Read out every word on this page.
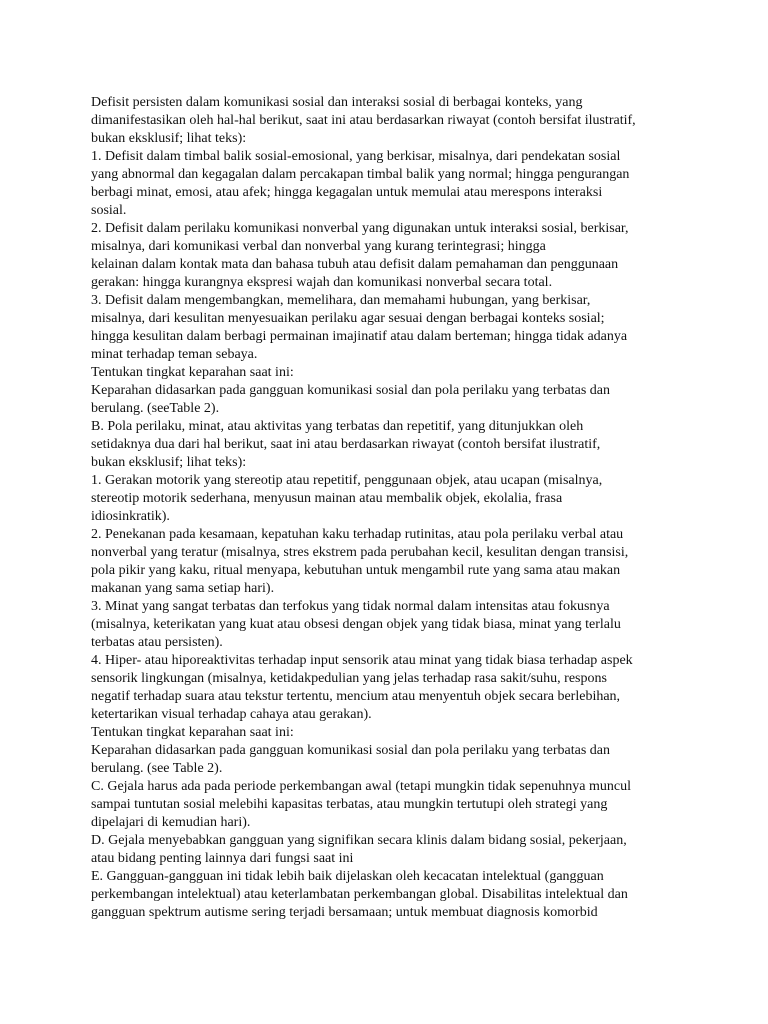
Defisit persisten dalam komunikasi sosial dan interaksi sosial di berbagai konteks, yang
dimanifestasikan oleh hal-hal berikut, saat ini atau berdasarkan riwayat (contoh bersifat ilustratif,
bukan eksklusif; lihat teks):
1. Defisit dalam timbal balik sosial-emosional, yang berkisar, misalnya, dari pendekatan sosial
yang abnormal dan kegagalan dalam percakapan timbal balik yang normal; hingga pengurangan
berbagi minat, emosi, atau afek; hingga kegagalan untuk memulai atau merespons interaksi
sosial.
2. Defisit dalam perilaku komunikasi nonverbal yang digunakan untuk interaksi sosial, berkisar,
misalnya, dari komunikasi verbal dan nonverbal yang kurang terintegrasi; hingga
kelainan dalam kontak mata dan bahasa tubuh atau defisit dalam pemahaman dan penggunaan
gerakan: hingga kurangnya ekspresi wajah dan komunikasi nonverbal secara total.
3. Defisit dalam mengembangkan, memelihara, dan memahami hubungan, yang berkisar,
misalnya, dari kesulitan menyesuaikan perilaku agar sesuai dengan berbagai konteks sosial;
hingga kesulitan dalam berbagi permainan imajinatif atau dalam berteman; hingga tidak adanya
minat terhadap teman sebaya.
Tentukan tingkat keparahan saat ini:
Keparahan didasarkan pada gangguan komunikasi sosial dan pola perilaku yang terbatas dan
berulang. (seeTable 2).
B. Pola perilaku, minat, atau aktivitas yang terbatas dan repetitif, yang ditunjukkan oleh
setidaknya dua dari hal berikut, saat ini atau berdasarkan riwayat (contoh bersifat ilustratif,
bukan eksklusif; lihat teks):
1. Gerakan motorik yang stereotip atau repetitif, penggunaan objek, atau ucapan (misalnya,
stereotip motorik sederhana, menyusun mainan atau membalik objek, ekolalia, frasa
idiosinkratik).
2. Penekanan pada kesamaan, kepatuhan kaku terhadap rutinitas, atau pola perilaku verbal atau
nonverbal yang teratur (misalnya, stres ekstrem pada perubahan kecil, kesulitan dengan transisi,
pola pikir yang kaku, ritual menyapa, kebutuhan untuk mengambil rute yang sama atau makan
makanan yang sama setiap hari).
3. Minat yang sangat terbatas dan terfokus yang tidak normal dalam intensitas atau fokusnya
(misalnya, keterikatan yang kuat atau obsesi dengan objek yang tidak biasa, minat yang terlalu
terbatas atau persisten).
4. Hiper- atau hiporeaktivitas terhadap input sensorik atau minat yang tidak biasa terhadap aspek
sensorik lingkungan (misalnya, ketidakpedulian yang jelas terhadap rasa sakit/suhu, respons
negatif terhadap suara atau tekstur tertentu, mencium atau menyentuh objek secara berlebihan,
ketertarikan visual terhadap cahaya atau gerakan).
Tentukan tingkat keparahan saat ini:
Keparahan didasarkan pada gangguan komunikasi sosial dan pola perilaku yang terbatas dan
berulang. (see Table 2).
C. Gejala harus ada pada periode perkembangan awal (tetapi mungkin tidak sepenuhnya muncul
sampai tuntutan sosial melebihi kapasitas terbatas, atau mungkin tertutupi oleh strategi yang
dipelajari di kemudian hari).
D. Gejala menyebabkan gangguan yang signifikan secara klinis dalam bidang sosial, pekerjaan,
atau bidang penting lainnya dari fungsi saat ini
E. Gangguan-gangguan ini tidak lebih baik dijelaskan oleh kecacatan intelektual (gangguan
perkembangan intelektual) atau keterlambatan perkembangan global. Disabilitas intelektual dan
gangguan spektrum autisme sering terjadi bersamaan; untuk membuat diagnosis komorbid
